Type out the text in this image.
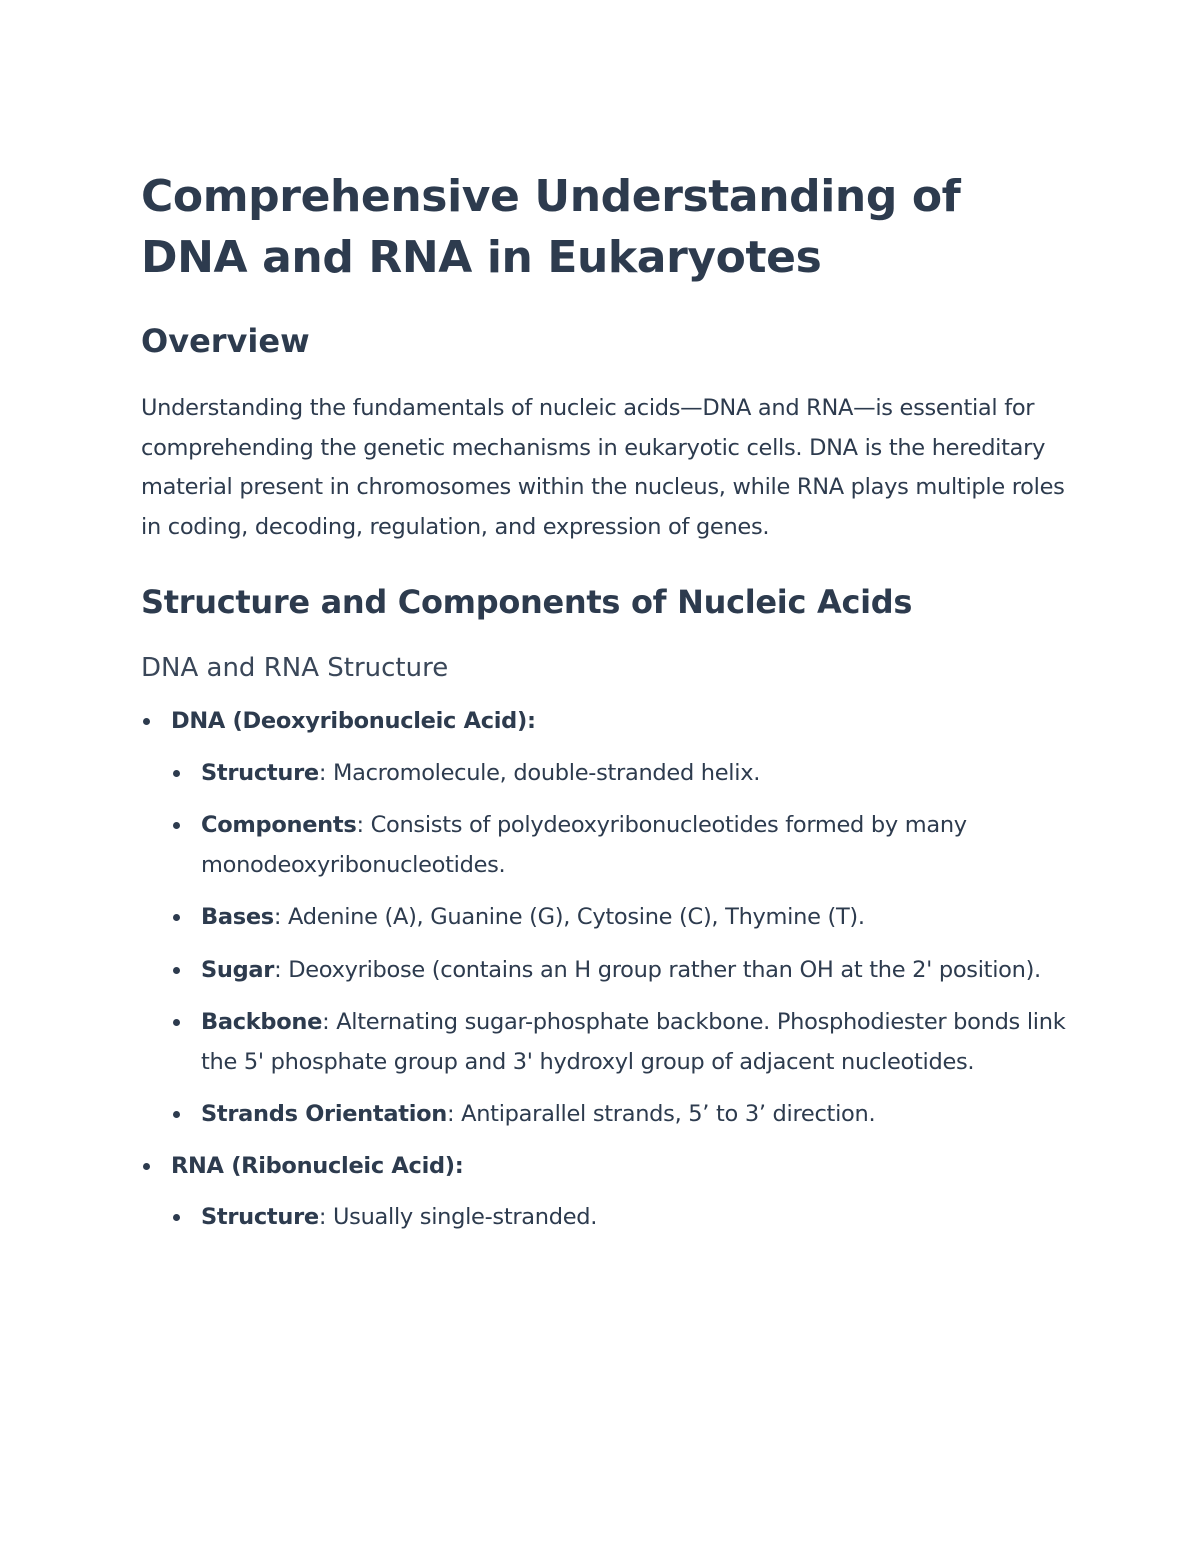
Comprehensive Understanding of DNA and RNA in Eukaryotes
Overview

Understanding the fundamentals of nucleic acids—DNA and RNA—is essential for comprehending the genetic mechanisms in eukaryotic cells. DNA is the hereditary material present in chromosomes within the nucleus, while RNA plays multiple roles in coding, decoding, regulation, and expression of genes.

Structure and Components of Nucleic Acids
DNA and RNA Structure
DNA (Deoxyribonucleic Acid):
Structure: Macromolecule, double-stranded helix.
Components: Consists of polydeoxyribonucleotides formed by many monodeoxyribonucleotides.
Bases: Adenine (A), Guanine (G), Cytosine (C), Thymine (T).
Sugar: Deoxyribose (contains an H group rather than OH at the 2' position).
Backbone: Alternating sugar-phosphate backbone. Phosphodiester bonds link the 5' phosphate group and 3' hydroxyl group of adjacent nucleotides.
Strands Orientation: Antiparallel strands, 5’ to 3’ direction.
RNA (Ribonucleic Acid):
Structure: Usually single-stranded.
